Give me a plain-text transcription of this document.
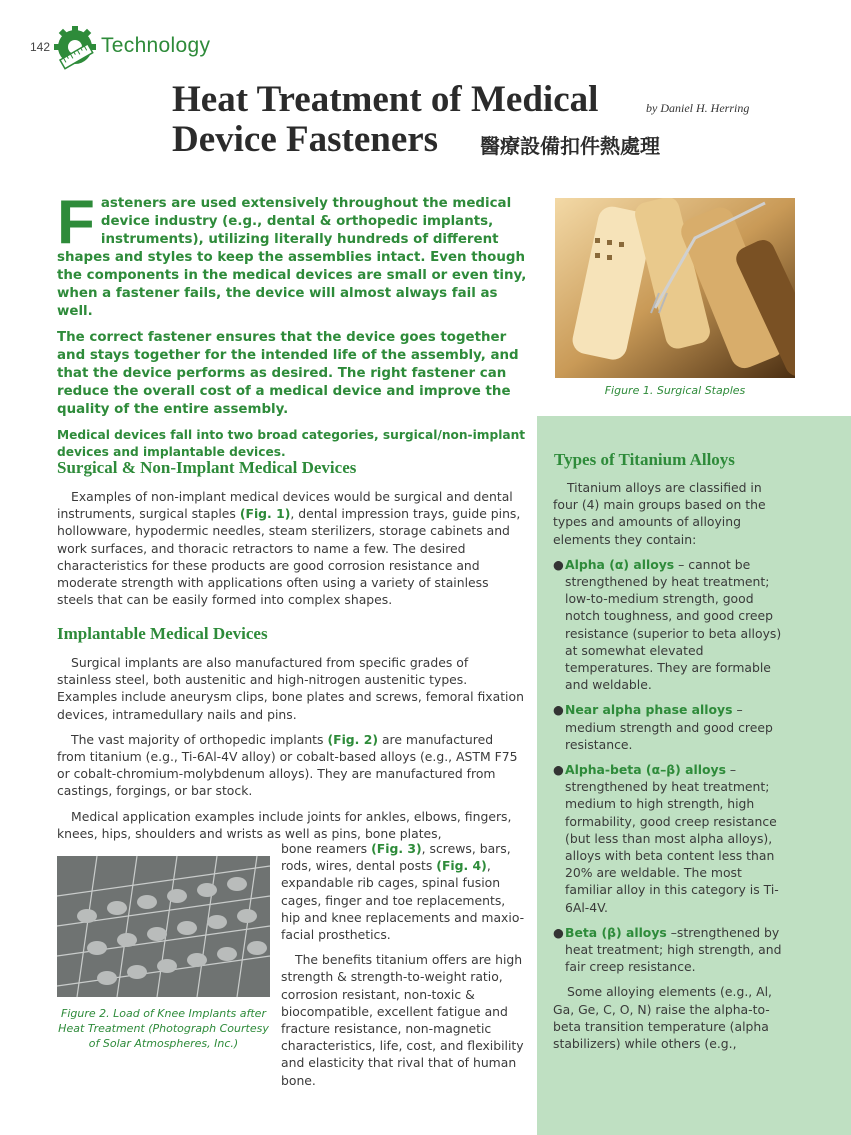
142 Technology
Heat Treatment of Medical
Device Fasteners
by Daniel H. Herring
醫療設備扣件熱處理

Fasteners are used extensively throughout the medical device industry (e.g., dental & orthopedic implants, instruments), utilizing literally hundreds of different shapes and styles to keep the assemblies intact. Even though the components in the medical devices are small or even tiny, when a fastener fails, the device will almost always fail as well.

The correct fastener ensures that the device goes together and stays together for the intended life of the assembly, and that the device performs as desired. The right fastener can reduce the overall cost of a medical device and improve the quality of the entire assembly.

Medical devices fall into two broad categories, surgical/non-implant devices and implantable devices.

Figure 1. Surgical Staples
Types of Titanium Alloys

Titanium alloys are classified in four (4) main groups based on the types and amounts of alloying elements they contain:

● Alpha (α) alloys – cannot be strengthened by heat treatment; low-to-medium strength, good notch toughness, and good creep resistance (superior to beta alloys) at somewhat elevated temperatures. They are formable and weldable.
● Near alpha phase alloys – medium strength and good creep resistance.
● Alpha-beta (α–β) alloys – strengthened by heat treatment; medium to high strength, high formability, good creep resistance (but less than most alpha alloys), alloys with beta content less than 20% are weldable. The most familiar alloy in this category is Ti-6Al-4V.
● Beta (β) alloys –strengthened by heat treatment; high strength, and fair creep resistance.

Some alloying elements (e.g., Al, Ga, Ge, C, O, N) raise the alpha-to-beta transition temperature (alpha stabilizers) while others (e.g.,

Surgical & Non-Implant Medical Devices

Examples of non-implant medical devices would be surgical and dental instruments, surgical staples (Fig. 1), dental impression trays, guide pins, hollowware, hypodermic needles, steam sterilizers, storage cabinets and work surfaces, and thoracic retractors to name a few. The desired characteristics for these products are good corrosion resistance and moderate strength with applications often using a variety of stainless steels that can be easily formed into complex shapes.

Implantable Medical Devices

Surgical implants are also manufactured from specific grades of stainless steel, both austenitic and high-nitrogen austenitic types. Examples include aneurysm clips, bone plates and screws, femoral fixation devices, intramedullary nails and pins.

The vast majority of orthopedic implants (Fig. 2) are manufactured from titanium (e.g., Ti-6Al-4V alloy) or cobalt-based alloys (e.g., ASTM F75 or cobalt-chromium-molybdenum alloys). They are manufactured from castings, forgings, or bar stock.

Medical application examples include joints for ankles, elbows, fingers, knees, hips, shoulders and wrists as well as pins, bone plates,

bone reamers (Fig. 3), screws, bars, rods, wires, dental posts (Fig. 4), expandable rib cages, spinal fusion cages, finger and toe replacements, hip and knee replacements and maxio-facial prosthetics.

The benefits titanium offers are high strength & strength-to-weight ratio, corrosion resistant, non-toxic & biocompatible, excellent fatigue and fracture resistance, non-magnetic characteristics, life, cost, and flexibility and elasticity that rival that of human bone.

Figure 2. Load of Knee Implants after Heat Treatment (Photograph Courtesy of Solar Atmospheres, Inc.)
